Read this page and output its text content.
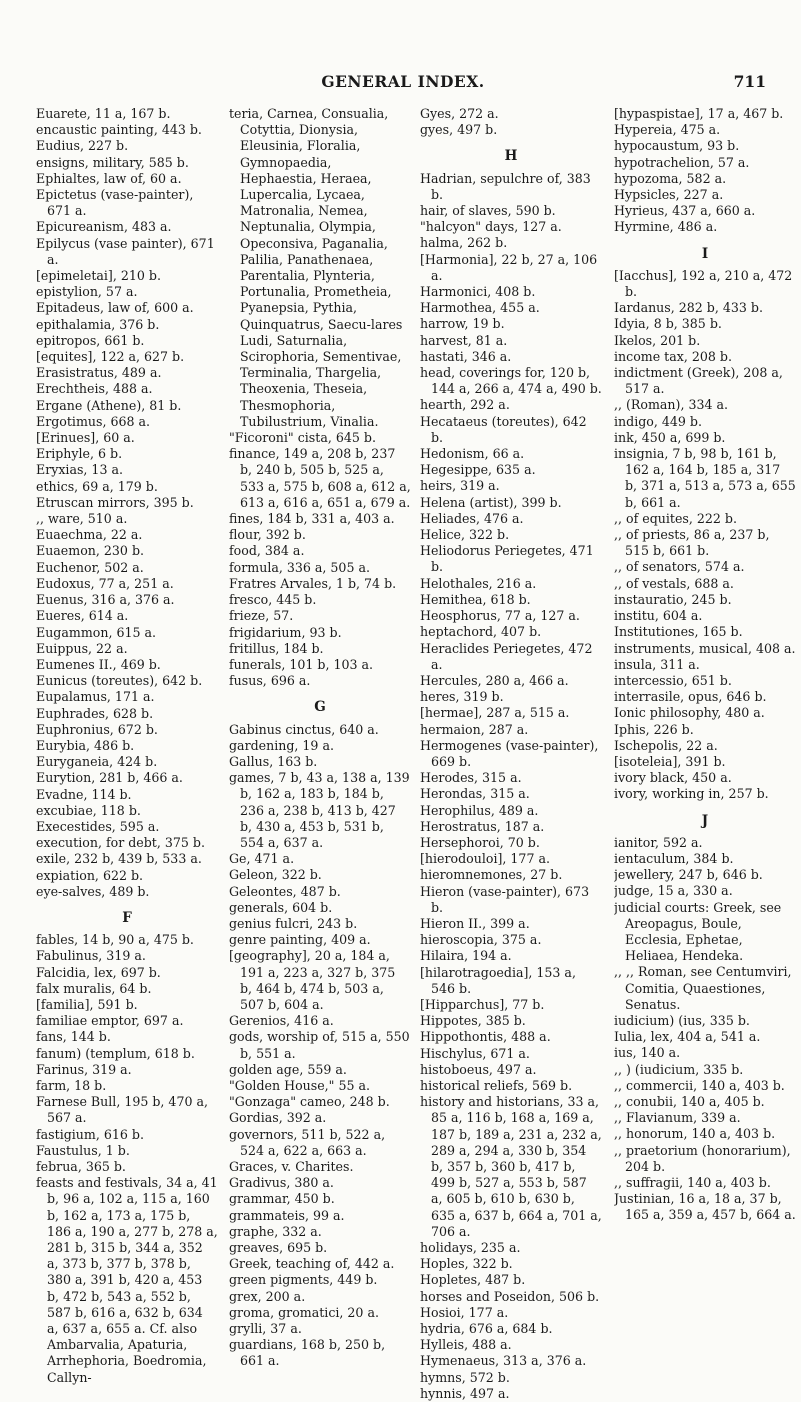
GENERAL INDEX.	711

Euarete, 11 a, 167 b.

encaustic painting, 443 b.

Eudius, 227 b.

ensigns, military, 585 b.

Ephialtes, law of, 60 a.

Epictetus (vase-painter), 671 a.

Epicureanism, 483 a.

Epilycus (vase painter), 671 a.

[epimeletai], 210 b.

epistylion, 57 a.

Epitadeus, law of, 600 a.

epithalamia, 376 b.

epitropos, 661 b.

[equites], 122 a, 627 b.

Erasistratus, 489 a.

Erechtheis, 488 a.

Ergane (Athene), 81 b.

Ergotimus, 668 a.

[Erinues], 60 a.

Eriphyle, 6 b.

Eryxias, 13 a.

ethics, 69 a, 179 b.

Etruscan mirrors, 395 b.

,, ware, 510 a.

Euaechma, 22 a.

Euaemon, 230 b.

Euchenor, 502 a.

Eudoxus, 77 a, 251 a.

Euenus, 316 a, 376 a.

Eueres, 614 a.

Eugammon, 615 a.

Euippus, 22 a.

Eumenes II., 469 b.

Eunicus (toreutes), 642 b.

Eupalamus, 171 a.

Euphrades, 628 b.

Euphronius, 672 b.

Eurybia, 486 b.

Euryganeia, 424 b.

Eurytion, 281 b, 466 a.

Evadne, 114 b.

excubiae, 118 b.

Execestides, 595 a.

execution, for debt, 375 b.

exile, 232 b, 439 b, 533 a.

expiation, 622 b.

eye-salves, 489 b.

F

fables, 14 b, 90 a, 475 b.

Fabulinus, 319 a.

Falcidia, lex, 697 b.

falx muralis, 64 b.

[familia], 591 b.

familiae emptor, 697 a.

fans, 144 b.

fanum) (templum, 618 b.

Farinus, 319 a.

farm, 18 b.

Farnese Bull, 195 b, 470 a, 567 a.

fastigium, 616 b.

Faustulus, 1 b.

februa, 365 b.

feasts and festivals, 34 a, 41 b, 96 a, 102 a, 115 a, 160 b, 162 a, 173 a, 175 b, 186 a, 190 a, 277 b, 278 a, 281 b, 315 b, 344 a, 352 a, 373 b, 377 b, 378 b, 380 a, 391 b, 420 a, 453 b, 472 b, 543 a, 552 b, 587 b, 616 a, 632 b, 634 a, 637 a, 655 a. Cf. also Ambarvalia, Apaturia, Arrhephoria, Boedromia, Callyn-

teria, Carnea, Consualia, Cotyttia, Dionysia, Eleusinia, Floralia, Gymnopaedia, Hephaestia, Heraea, Lupercalia, Lycaea, Matronalia, Nemea, Neptunalia, Olympia, Opeconsiva, Paganalia, Palilia, Panathenaea, Parentalia, Plynteria, Portunalia, Prometheia, Pyanepsia, Pythia, Quinquatrus, Saecu-lares Ludi, Saturnalia, Scirophoria, Sementivae, Terminalia, Thargelia, Theoxenia, Theseia, Thesmophoria, Tubilustrium, Vinalia.

"Ficoroni" cista, 645 b.

finance, 149 a, 208 b, 237 b, 240 b, 505 b, 525 a, 533 a, 575 b, 608 a, 612 a, 613 a, 616 a, 651 a, 679 a.

fines, 184 b, 331 a, 403 a.

flour, 392 b.

food, 384 a.

formula, 336 a, 505 a.

Fratres Arvales, 1 b, 74 b.

fresco, 445 b.

frieze, 57.

frigidarium, 93 b.

fritillus, 184 b.

funerals, 101 b, 103 a.

fusus, 696 a.

G

Gabinus cinctus, 640 a.

gardening, 19 a.

Gallus, 163 b.

games, 7 b, 43 a, 138 a, 139 b, 162 a, 183 b, 184 b, 236 a, 238 b, 413 b, 427 b, 430 a, 453 b, 531 b, 554 a, 637 a.

Ge, 471 a.

Geleon, 322 b.

Geleontes, 487 b.

generals, 604 b.

genius fulcri, 243 b.

genre painting, 409 a.

[geography], 20 a, 184 a, 191 a, 223 a, 327 b, 375 b, 464 b, 474 b, 503 a, 507 b, 604 a.

Gerenios, 416 a.

gods, worship of, 515 a, 550 b, 551 a.

golden age, 559 a.

"Golden House," 55 a.

"Gonzaga" cameo, 248 b.

Gordias, 392 a.

governors, 511 b, 522 a, 524 a, 622 a, 663 a.

Graces, v. Charites.

Gradivus, 380 a.

grammar, 450 b.

grammateis, 99 a.

graphe, 332 a.

greaves, 695 b.

Greek, teaching of, 442 a.

green pigments, 449 b.

grex, 200 a.

groma, gromatici, 20 a.

grylli, 37 a.

guardians, 168 b, 250 b, 661 a.

Gyes, 272 a.

gyes, 497 b.

H

Hadrian, sepulchre of, 383 b.

hair, of slaves, 590 b.

"halcyon" days, 127 a.

halma, 262 b.

[Harmonia], 22 b, 27 a, 106 a.

Harmonici, 408 b.

Harmothea, 455 a.

harrow, 19 b.

harvest, 81 a.

hastati, 346 a.

head, coverings for, 120 b, 144 a, 266 a, 474 a, 490 b.

hearth, 292 a.

Hecataeus (toreutes), 642 b.

Hedonism, 66 a.

Hegesippe, 635 a.

heirs, 319 a.

Helena (artist), 399 b.

Heliades, 476 a.

Helice, 322 b.

Heliodorus Periegetes, 471 b.

Helothales, 216 a.

Hemithea, 618 b.

Heosphorus, 77 a, 127 a.

heptachord, 407 b.

Heraclides Periegetes, 472 a.

Hercules, 280 a, 466 a.

heres, 319 b.

[hermae], 287 a, 515 a.

hermaion, 287 a.

Hermogenes (vase-painter), 669 b.

Herodes, 315 a.

Herondas, 315 a.

Herophilus, 489 a.

Herostratus, 187 a.

Hersephoroi, 70 b.

[hierodouloi], 177 a.

hieromnemones, 27 b.

Hieron (vase-painter), 673 b.

Hieron II., 399 a.

hieroscopia, 375 a.

Hilaira, 194 a.

[hilarotragoedia], 153 a, 546 b.

[Hipparchus], 77 b.

Hippotes, 385 b.

Hippothontis, 488 a.

Hischylus, 671 a.

histoboeus, 497 a.

historical reliefs, 569 b.

history and historians, 33 a, 85 a, 116 b, 168 a, 169 a, 187 b, 189 a, 231 a, 232 a, 289 a, 294 a, 330 b, 354 b, 357 b, 360 b, 417 b, 499 b, 527 a, 553 b, 587 a, 605 b, 610 b, 630 b, 635 a, 637 b, 664 a, 701 a, 706 a.

holidays, 235 a.

Hoples, 322 b.

Hopletes, 487 b.

horses and Poseidon, 506 b.

Hosioi, 177 a.

hydria, 676 a, 684 b.

Hylleis, 488 a.

Hymenaeus, 313 a, 376 a.

hymns, 572 b.

hynnis, 497 a.

[hypaspistae], 17 a, 467 b.

Hypereia, 475 a.

hypocaustum, 93 b.

hypotrachelion, 57 a.

hypozoma, 582 a.

Hypsicles, 227 a.

Hyrieus, 437 a, 660 a.

Hyrmine, 486 a.

I

[Iacchus], 192 a, 210 a, 472 b.

Iardanus, 282 b, 433 b.

Idyia, 8 b, 385 b.

Ikelos, 201 b.

income tax, 208 b.

indictment (Greek), 208 a, 517 a.

,, (Roman), 334 a.

indigo, 449 b.

ink, 450 a, 699 b.

insignia, 7 b, 98 b, 161 b, 162 a, 164 b, 185 a, 317 b, 371 a, 513 a, 573 a, 655 b, 661 a.

,, of equites, 222 b.

,, of priests, 86 a, 237 b, 515 b, 661 b.

,, of senators, 574 a.

,, of vestals, 688 a.

instauratio, 245 b.

institu, 604 a.

Institutiones, 165 b.

instruments, musical, 408 a.

insula, 311 a.

intercessio, 651 b.

interrasile, opus, 646 b.

Ionic philosophy, 480 a.

Iphis, 226 b.

Ischepolis, 22 a.

[isoteleia], 391 b.

ivory black, 450 a.

ivory, working in, 257 b.

J

ianitor, 592 a.

ientaculum, 384 b.

jewellery, 247 b, 646 b.

judge, 15 a, 330 a.

judicial courts: Greek, see Areopagus, Boule, Ecclesia, Ephetae, Heliaea, Hendeka.

,, ,, Roman, see Centumviri, Comitia, Quaestiones, Senatus.

iudicium) (ius, 335 b.

Iulia, lex, 404 a, 541 a.

ius, 140 a.

,, ) (iudicium, 335 b.

,, commercii, 140 a, 403 b.

,, conubii, 140 a, 405 b.

,, Flavianum, 339 a.

,, honorum, 140 a, 403 b.

,, praetorium (honorarium), 204 b.

,, suffragii, 140 a, 403 b.

Justinian, 16 a, 18 a, 37 b, 165 a, 359 a, 457 b, 664 a.
